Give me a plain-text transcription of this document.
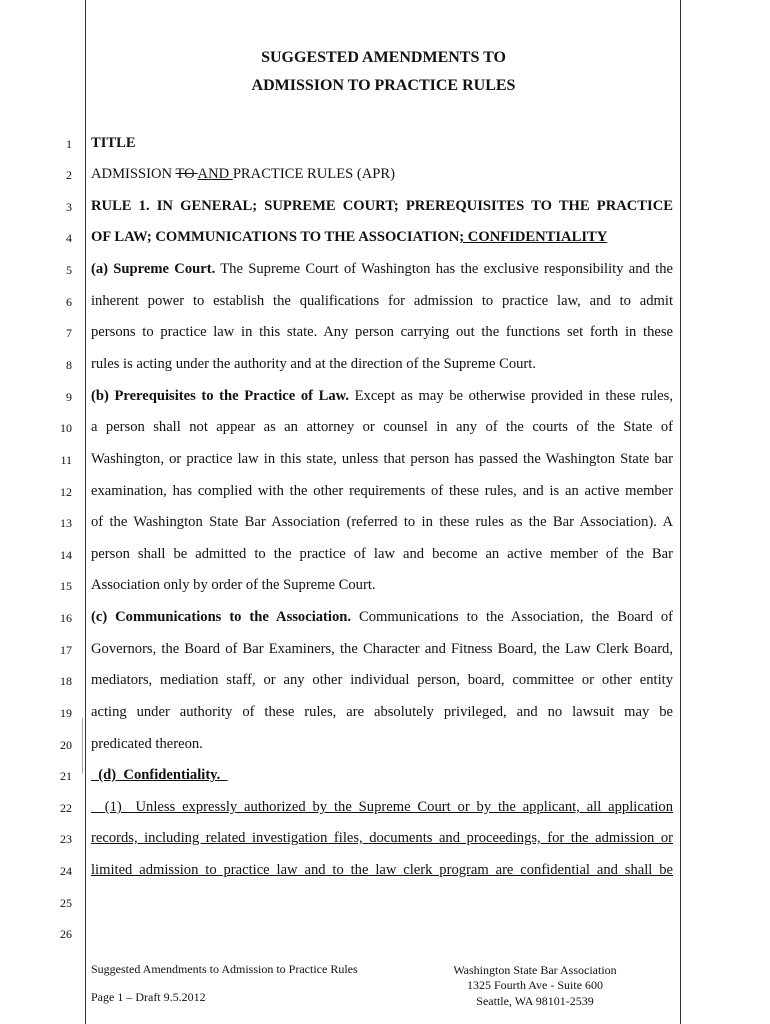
SUGGESTED AMENDMENTS TO
ADMISSION TO PRACTICE RULES
1
2
3
4
5
6
7
8
9
10
11
12
13
14
15
16
17
18
19
20
21
22
23
24
25
26
TITLE
ADMISSION TO AND PRACTICE RULES (APR)
RULE 1. IN GENERAL; SUPREME COURT; PREREQUISITES TO THE PRACTICE
OF LAW; COMMUNICATIONS TO THE ASSOCIATION; CONFIDENTIALITY
(a) Supreme Court. The Supreme Court of Washington has the exclusive responsibility and the
inherent power to establish the qualifications for admission to practice law, and to admit
persons to practice law in this state. Any person carrying out the functions set forth in these
rules is acting under the authority and at the direction of the Supreme Court.
(b) Prerequisites to the Practice of Law. Except as may be otherwise provided in these rules,
a person shall not appear as an attorney or counsel in any of the courts of the State of
Washington, or practice law in this state, unless that person has passed the Washington State bar
examination, has complied with the other requirements of these rules, and is an active member
of the Washington State Bar Association (referred to in these rules as the Bar Association). A
person shall be admitted to the practice of law and become an active member of the Bar
Association only by order of the Supreme Court.
(c) Communications to the Association. Communications to the Association, the Board of
Governors, the Board of Bar Examiners, the Character and Fitness Board, the Law Clerk Board,
mediators, mediation staff, or any other individual person, board, committee or other entity
acting under authority of these rules, are absolutely privileged, and no lawsuit may be
predicated thereon.
(d)  Confidentiality.
(1)  Unless expressly authorized by the Supreme Court or by the applicant, all application
records, including related investigation files, documents and proceedings, for the admission or
limited admission to practice law and to the law clerk program are confidential and shall be
Suggested Amendments to Admission to Practice Rules
Page 1 – Draft 9.5.2012
Washington State Bar Association
1325 Fourth Ave - Suite 600
Seattle, WA 98101-2539
